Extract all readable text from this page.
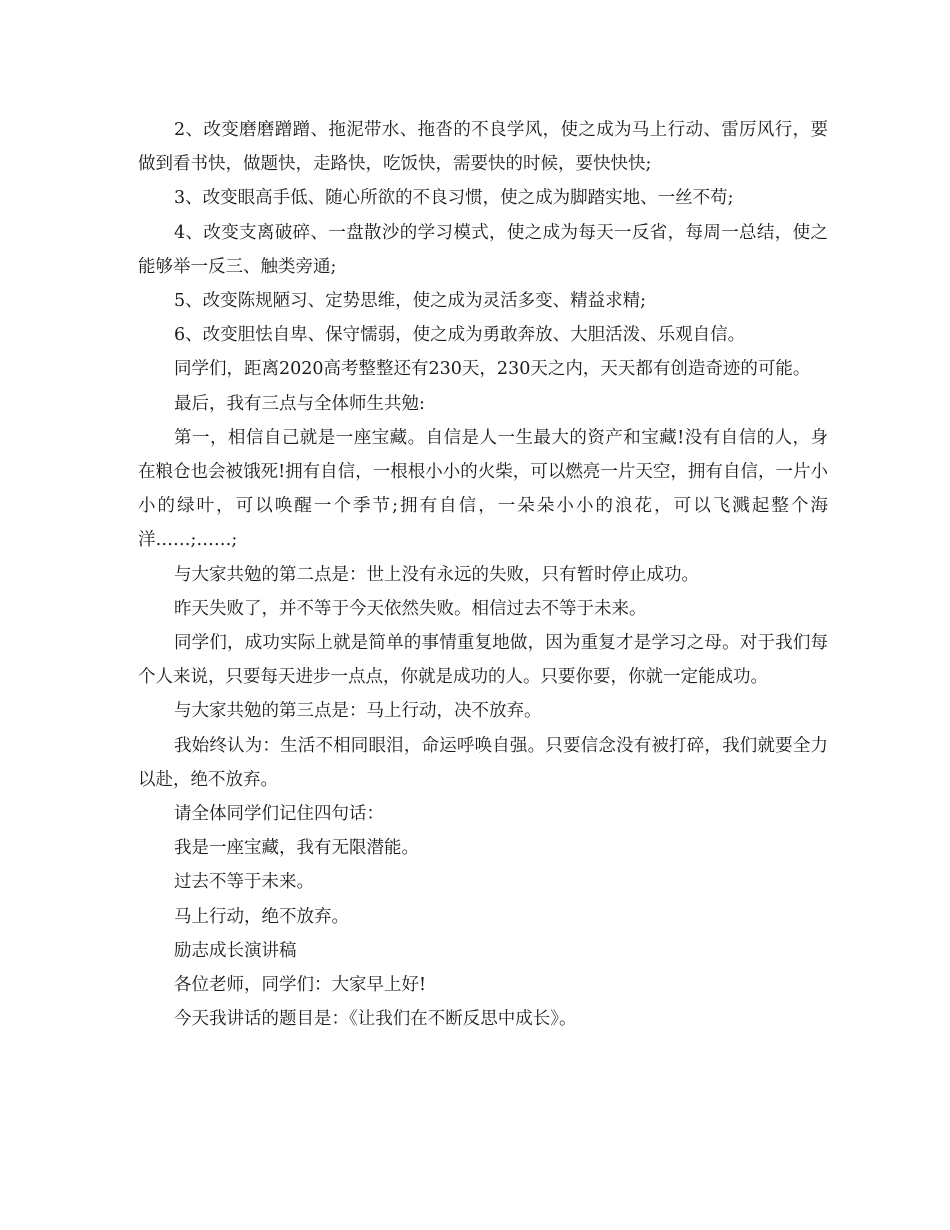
2、改变磨磨蹭蹭、拖泥带水、拖沓的不良学风，使之成为马上行动、雷厉风行，要做到看书快，做题快，走路快，吃饭快，需要快的时候，要快快快;

3、改变眼高手低、随心所欲的不良习惯，使之成为脚踏实地、一丝不苟;

4、改变支离破碎、一盘散沙的学习模式，使之成为每天一反省，每周一总结，使之能够举一反三、触类旁通;

5、改变陈规陋习、定势思维，使之成为灵活多变、精益求精;

6、改变胆怯自卑、保守懦弱，使之成为勇敢奔放、大胆活泼、乐观自信。

同学们，距离2020高考整整还有230天，230天之内，天天都有创造奇迹的可能。

最后，我有三点与全体师生共勉:

第一，相信自己就是一座宝藏。自信是人一生最大的资产和宝藏!没有自信的人，身在粮仓也会被饿死!拥有自信，一根根小小的火柴，可以燃亮一片天空，拥有自信，一片小小的绿叶，可以唤醒一个季节;拥有自信，一朵朵小小的浪花，可以飞溅起整个海洋……;……;

与大家共勉的第二点是：世上没有永远的失败，只有暂时停止成功。

昨天失败了，并不等于今天依然失败。相信过去不等于未来。

同学们，成功实际上就是简单的事情重复地做，因为重复才是学习之母。对于我们每个人来说，只要每天进步一点点，你就是成功的人。只要你要，你就一定能成功。

与大家共勉的第三点是：马上行动，决不放弃。

我始终认为：生活不相同眼泪，命运呼唤自强。只要信念没有被打碎，我们就要全力以赴，绝不放弃。

请全体同学们记住四句话：

我是一座宝藏，我有无限潜能。

过去不等于未来。

马上行动，绝不放弃。

励志成长演讲稿

各位老师，同学们：大家早上好!

今天我讲话的题目是：《让我们在不断反思中成长》。
